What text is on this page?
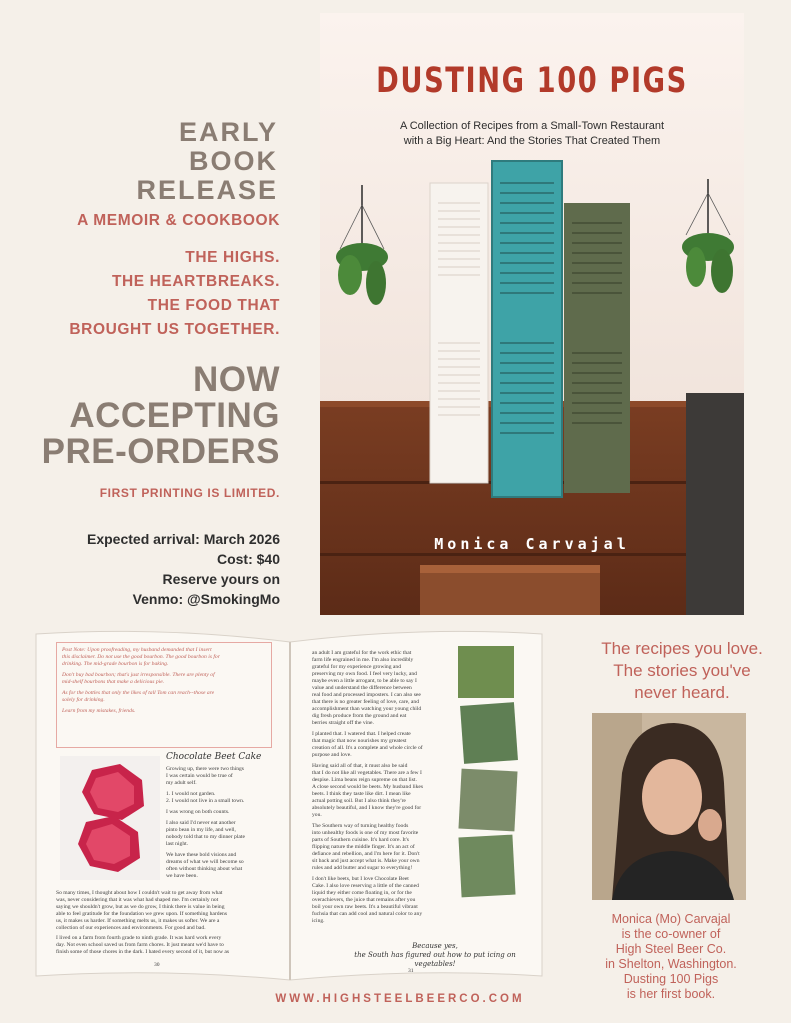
EARLY
BOOK RELEASE
A MEMOIR & COOKBOOK
THE HIGHS.
THE HEARTBREAKS.
THE FOOD THAT
BROUGHT US TOGETHER.
NOW
ACCEPTING
PRE-ORDERS
FIRST PRINTING IS LIMITED.
Expected arrival: March 2026
Cost: $40
Reserve yours on
Venmo: @SmokingMo
DUSTING 100 PIGS
A Collection of Recipes from a Small-Town Restaurant
with a Big Heart: And the Stories That Created Them
Monica Carvajal
Post Note: Upon proofreading, my husband demanded that I insert
this disclaimer. Do not use the good bourbon. The good bourbon is for
drinking. The mid-grade bourbon is for baking.
Don't buy bad bourbon; that's just irresponsible. There are plenty of
mid-shelf bourbons that make a delicious pie.
As for the bottles that only the likes of tall Tom can reach--those are
solely for drinking.
Learn from my mistakes, friends.
Chocolate Beet Cake
Growing up, there were two things
I was certain would be true of
my adult self.
1. I would not garden.
2. I would not live in a small town.
I was wrong on both counts.
I also said I'd never eat another
pinto bean in my life, and well,
nobody told that to my dinner plate
last night.
We have these bold visions and
dreams of what we will become so
often without thinking about what
we have been.
So many times, I thought about how I couldn't wait to get away from what
was, never considering that it was what had shaped me. I'm certainly not
saying we shouldn't grow, but as we do grow, I think there is value in being
able to feel gratitude for the foundation we grew upon. If something hardens
us, it makes us harder. If something melts us, it makes us softer. We are a
collection of our experiences and environments. For good and bad.
I lived on a farm from fourth grade to ninth grade. It was hard work every
day. Not even school saved us from farm chores. It just meant we'd have to
finish some of those chores in the dark. I hated every second of it, but now as
30
an adult I am grateful for the work ethic that
farm life engrained in me. I'm also incredibly
grateful for my experience growing and
preserving my own food. I feel very lucky, and
maybe even a little arrogant, to be able to say I
value and understand the difference between
real food and processed imposters. I can also see
that there is no greater feeling of love, care, and
accomplishment than watching your young child
dig fresh produce from the ground and eat
berries straight off the vine.
I planted that. I watered that. I helped create
that magic that now nourishes my greatest
creation of all. It's a complete and whole circle of
purpose and love.
Having said all of that, it must also be said
that I do not like all vegetables. There are a few I
despise. Lima beans reign supreme on that list.
A close second would be beets. My husband likes
beets. I think they taste like dirt. I mean like
actual potting soil. But I also think they're
absolutely beautiful, and I know they're good for
you.
The Southern way of turning healthy foods
into unhealthy foods is one of my most favorite
parts of Southern cuisine. It's hard core. It's
flipping nature the middle finger. It's an act of
defiance and rebellion, and I'm here for it. Don't
sit back and just accept what is. Make your own
rules and add butter and sugar to everything!
I don't like beets, but I love Chocolate Beet
Cake. I also love reserving a little of the canned
liquid they either come floating in, or for the
overachievers, the juice that remains after you
boil your own raw beets. It's a beautiful vibrant
fuchsia that can add cool and natural color to any
icing.
Because yes,
the South has figured out how to put icing on vegetables!
31
The recipes you love.
The stories you've
never heard.
Monica (Mo) Carvajal
is the co-owner of
High Steel Beer Co.
in Shelton, Washington.
Dusting 100 Pigs
is her first book.
WWW.HIGHSTEELBEERCO.COM
